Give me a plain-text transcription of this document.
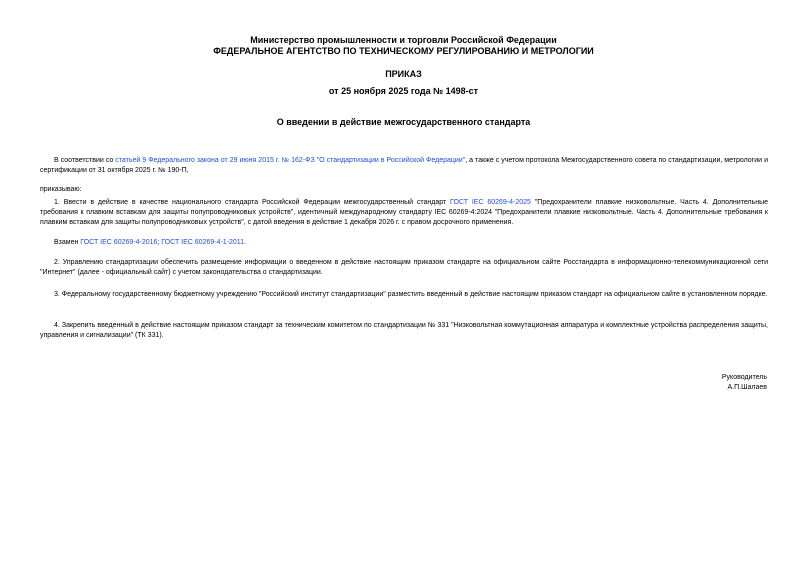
Министерство промышленности и торговли Российской Федерации
ФЕДЕРАЛЬНОЕ АГЕНТСТВО ПО ТЕХНИЧЕСКОМУ РЕГУЛИРОВАНИЮ И МЕТРОЛОГИИ
ПРИКАЗ
от 25 ноября 2025 года № 1498-ст
О введении в действие межгосударственного стандарта
В соответствии со статьей 9 Федерального закона от 29 июня 2015 г. № 162-ФЗ "О стандартизации в Российской Федерации", а также с учетом протокола Межгосударственного совета по стандартизации, метрологии и сертификации от 31 октября 2025 г. № 190-П,
приказываю:
1. Ввести в действие в качестве национального стандарта Российской Федерации межгосударственный стандарт ГОСТ IEC 60269-4-2025 "Предохранители плавкие низковольтные. Часть 4. Дополнительные требования к плавким вставкам для защиты полупроводниковых устройств", идентичный международному стандарту IEC 60269-4:2024 "Предохранители плавкие низковольтные. Часть 4. Дополнительные требования к плавким вставкам для защиты полупроводниковых устройств", с датой введения в действие 1 декабря 2026 г. с правом досрочного применения.
Взамен ГОСТ IEC 60269-4-2016; ГОСТ IEC 60269-4-1-2011.
2. Управлению стандартизации обеспечить размещение информации о введенном в действие настоящим приказом стандарте на официальном сайте Росстандарта в информационно-телекоммуникационной сети "Интернет" (далее - официальный сайт) с учетом законодательства о стандартизации.
3. Федеральному государственному бюджетному учреждению "Российский институт стандартизации" разместить введенный в действие настоящим приказом стандарт на официальном сайте в установленном порядке.
4. Закрепить введенный в действие настоящим приказом стандарт за техническим комитетом по стандартизации № 331 "Низковольтная коммутационная аппаратура и комплектные устройства распределения защиты, управления и сигнализации" (ТК 331).
Руководитель
А.П.Шалаев
